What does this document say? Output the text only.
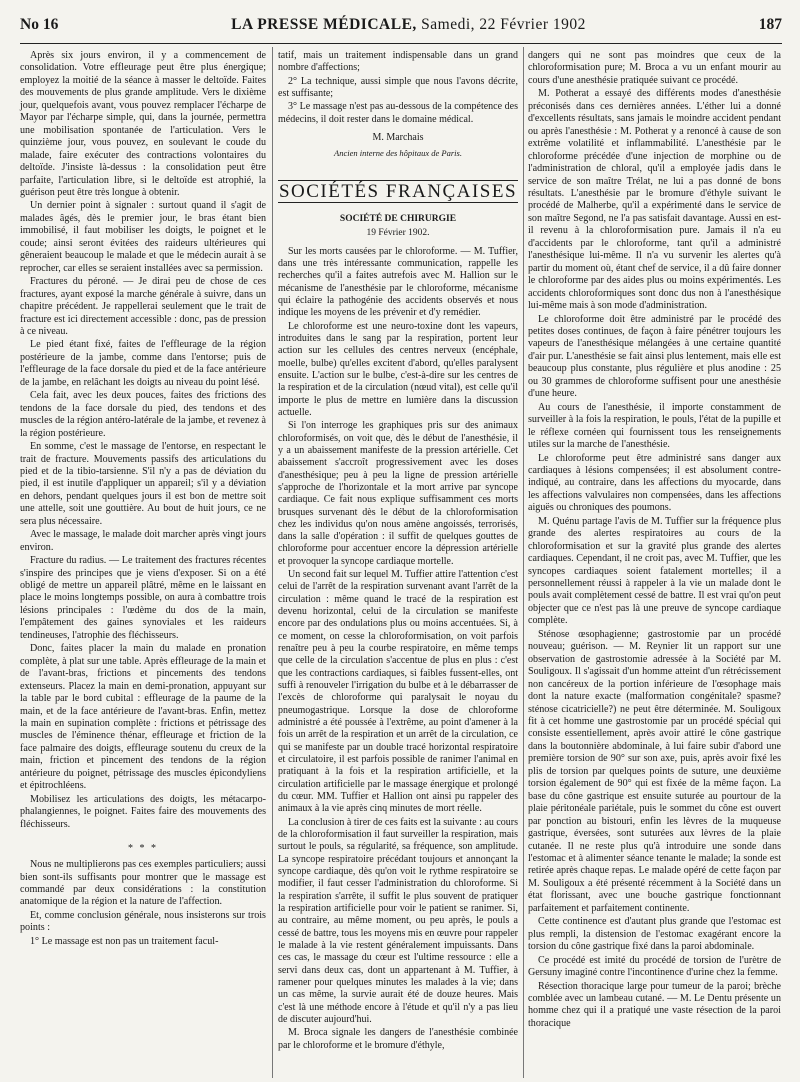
No 16	LA PRESSE MÉDICALE, Samedi, 22 Février 1902	187

Après six jours environ, il y a commencement de consolidation. Votre effleurage peut être plus énergique; employez la moitié de la séance à masser le deltoïde. Faites des mouvements de plus grande amplitude. Vers le dixième jour, quelquefois avant, vous pouvez remplacer l'écharpe de Mayor par l'écharpe simple, qui, dans la journée, permettra une mobilisation spontanée de l'articulation. Vers le quinzième jour, vous pouvez, en soulevant le coude du malade, faire exécuter des contractions volontaires du deltoïde. J'insiste là-dessus : la consolidation peut être parfaite, l'articulation libre, si le deltoïde est atrophié, la guérison peut être très longue à obtenir.

Un dernier point à signaler : surtout quand il s'agit de malades âgés, dès le premier jour, le bras étant bien immobilisé, il faut mobiliser les doigts, le poignet et le coude; ainsi seront évitées des raideurs ultérieures qui gêneraient beaucoup le malade et que le médecin aurait à se reprocher, car elles se seraient installées avec sa permission.

Fractures du péroné. — Je dirai peu de chose de ces fractures, ayant exposé la marche générale à suivre, dans un chapitre précédent. Je rappellerai seulement que le trait de fracture est ici directement accessible : donc, pas de pression à ce niveau.

Le pied étant fixé, faites de l'effleurage de la région postérieure de la jambe, comme dans l'entorse; puis de l'effleurage de la face dorsale du pied et de la face antérieure de la jambe, en relâchant les doigts au niveau du point lésé.

Cela fait, avec les deux pouces, faites des frictions des tendons de la face dorsale du pied, des tendons et des muscles de la région antéro-latérale de la jambe, et revenez à la région postérieure.

En somme, c'est le massage de l'entorse, en respectant le trait de fracture. Mouvements passifs des articulations du pied et de la tibio-tarsienne. S'il n'y a pas de déviation du pied, il est inutile d'appliquer un appareil; s'il y a déviation en dehors, pendant quelques jours il est bon de mettre soit une attelle, soit une gouttière. Au bout de huit jours, ce ne sera plus nécessaire.

Avec le massage, le malade doit marcher après vingt jours environ.

Fracture du radius. — Le traitement des fractures récentes s'inspire des principes que je viens d'exposer. Si on a été obligé de mettre un appareil plâtré, même en le laissant en place le moins longtemps possible, on aura à combattre trois lésions principales : l'œdème du dos de la main, l'empâtement des gaines synoviales et les raideurs tendineuses, l'atrophie des fléchisseurs.

Donc, faites placer la main du malade en pronation complète, à plat sur une table. Après effleurage de la main et de l'avant-bras, frictions et pincements des tendons extenseurs. Placez la main en demi-pronation, appuyant sur la table par le bord cubital : effleurage de la paume de la main, et de la face antérieure de l'avant-bras. Enfin, mettez la main en supination complète : frictions et pétrissage des muscles de l'éminence thénar, effleurage et friction de la face palmaire des doigts, effleurage soutenu du creux de la main, friction et pincement des tendons de la région antérieure du poignet, pétrissage des muscles épicondyliens et épitrochléens.

Mobilisez les articulations des doigts, les métacarpo-phalangiennes, le poignet. Faites faire des mouvements des fléchisseurs.

* * *

Nous ne multiplierons pas ces exemples particuliers; aussi bien sont-ils suffisants pour montrer que le massage est commandé par deux considérations : la constitution anatomique de la région et la nature de l'affection.

Et, comme conclusion générale, nous insisterons sur trois points :

1° Le massage est non pas un traitement facul-

tatif, mais un traitement indispensable dans un grand nombre d'affections;

2° La technique, aussi simple que nous l'avons décrite, est suffisante;

3° Le massage n'est pas au-dessous de la compétence des médecins, il doit rester dans le domaine médical.

M. Marchais
Ancien interne des hôpitaux de Paris.
SOCIÉTÉS FRANÇAISES
SOCIÉTÉ DE CHIRURGIE
19 Février 1902.

Sur les morts causées par le chloroforme. — M. Tuffier, dans une très intéressante communication, rappelle les recherches qu'il a faites autrefois avec M. Hallion sur le mécanisme de l'anesthésie par le chloroforme, mécanisme qui éclaire la pathogénie des accidents observés et nous indique les moyens de les prévenir et d'y remédier.

Le chloroforme est une neuro-toxine dont les vapeurs, introduites dans le sang par la respiration, portent leur action sur les cellules des centres nerveux (encéphale, moelle, bulbe) qu'elles excitent d'abord, qu'elles paralysent ensuite. L'action sur le bulbe, c'est-à-dire sur les centres de la respiration et de la circulation (nœud vital), est celle qu'il importe le plus de mettre en lumière dans la discussion actuelle.

Si l'on interroge les graphiques pris sur des animaux chloroformisés, on voit que, dès le début de l'anesthésie, il y a un abaissement manifeste de la pression artérielle. Cet abaissement s'accroît progressivement avec les doses d'anesthésique; peu à peu la ligne de pression artérielle s'approche de l'horizontale et la mort arrive par syncope cardiaque. Ce fait nous explique suffisamment ces morts brusques survenant dès le début de la chloroformisation chez les individus qu'on nous amène angoissés, terrorisés, dans la salle d'opération : il suffit de quelques gouttes de chloroforme pour accentuer encore la dépression artérielle et provoquer la syncope cardiaque mortelle.

Un second fait sur lequel M. Tuffier attire l'attention c'est celui de l'arrêt de la respiration survenant avant l'arrêt de la circulation : même quand le tracé de la respiration est devenu horizontal, celui de la circulation se manifeste encore par des ondulations plus ou moins accentuées. Si, à ce moment, on cesse la chloroformisation, on voit parfois renaître peu à peu la courbe respiratoire, en même temps que celle de la circulation s'accentue de plus en plus : c'est que les contractions cardiaques, si faibles fussent-elles, ont suffi à renouveler l'irrigation du bulbe et à le débarrasser de l'excès de chloroforme qui paralysait le noyau du pneumogastrique. Lorsque la dose de chloroforme administré a été poussée à l'extrême, au point d'amener à la fois un arrêt de la respiration et un arrêt de la circulation, ce qui se manifeste par un double tracé horizontal respiratoire et circulatoire, il est parfois possible de ranimer l'animal en pratiquant à la fois et la respiration artificielle, et la circulation artificielle par le massage énergique et prolongé du cœur. MM. Tuffier et Hallion ont ainsi pu rappeler des animaux à la vie après cinq minutes de mort réelle.

La conclusion à tirer de ces faits est la suivante : au cours de la chloroformisation il faut surveiller la respiration, mais surtout le pouls, sa régularité, sa fréquence, son amplitude. La syncope respiratoire précédant toujours et annonçant la syncope cardiaque, dès qu'on voit le rythme respiratoire se modifier, il faut cesser l'administration du chloroforme. Si la respiration s'arrête, il suffit le plus souvent de pratiquer la respiration artificielle pour voir le patient se ranimer. Si, au contraire, au même moment, ou peu après, le pouls a cessé de battre, tous les moyens mis en œuvre pour rappeler le malade à la vie restent généralement impuissants. Dans ces cas, le massage du cœur est l'ultime ressource : elle a servi dans deux cas, dont un appartenant à M. Tuffier, à ramener pour quelques minutes les malades à la vie; dans un cas même, la survie aurait été de douze heures. Mais c'est là une méthode encore à l'étude et qu'il n'y a pas lieu de discuter aujourd'hui.

M. Broca signale les dangers de l'anesthésie combinée par le chloroforme et le bromure d'éthyle,

dangers qui ne sont pas moindres que ceux de la chloroformisation pure; M. Broca a vu un enfant mourir au cours d'une anesthésie pratiquée suivant ce procédé.

M. Potherat a essayé des différents modes d'anesthésie préconisés dans ces dernières années. L'éther lui a donné d'excellents résultats, sans jamais le moindre accident pendant ou après l'anesthésie : M. Potherat y a renoncé à cause de son extrême volatilité et inflammabilité. L'anesthésie par le chloroforme précédée d'une injection de morphine ou de l'administration de chloral, qu'il a employée jadis dans le service de son maître Trélat, ne lui a pas donné de bons résultats. L'anesthésie par le bromure d'éthyle suivant le procédé de Malherbe, qu'il a expérimenté dans le service de son maître Segond, ne l'a pas satisfait davantage. Aussi en est-il revenu à la chloroformisation pure. Jamais il n'a eu d'accidents par le chloroforme, tant qu'il a administré l'anesthésique lui-même. Il n'a vu survenir les alertes qu'à partir du moment où, étant chef de service, il a dû faire donner le chloroforme par des aides plus ou moins expérimentés. Les accidents chloroformiques sont donc dus non à l'anesthésique lui-même mais à son mode d'administration.

Le chloroforme doit être administré par le procédé des petites doses continues, de façon à faire pénétrer toujours les vapeurs de l'anesthésique mélangées à une certaine quantité d'air pur. L'anesthésie se fait ainsi plus lentement, mais elle est beaucoup plus constante, plus régulière et plus anodine : 25 ou 30 grammes de chloroforme suffisent pour une anesthésie d'une heure.

Au cours de l'anesthésie, il importe constamment de surveiller à la fois la respiration, le pouls, l'état de la pupille et le réflexe cornéen qui fournissent tous les renseignements utiles sur la marche de l'anesthésie.

Le chloroforme peut être administré sans danger aux cardiaques à lésions compensées; il est absolument contre-indiqué, au contraire, dans les affections du myocarde, dans les affections valvulaires non compensées, dans les affections aiguës ou chroniques des poumons.

M. Quénu partage l'avis de M. Tuffier sur la fréquence plus grande des alertes respiratoires au cours de la chloroformisation et sur la gravité plus grande des alertes cardiaques. Cependant, il ne croit pas, avec M. Tuffier, que les syncopes cardiaques soient fatalement mortelles; il a personnellement réussi à rappeler à la vie un malade dont le pouls avait complètement cessé de battre. Il est vrai qu'on peut objecter que ce n'est pas là une preuve de syncope cardiaque complète.

Sténose œsophagienne; gastrostomie par un procédé nouveau; guérison. — M. Reynier lit un rapport sur une observation de gastrostomie adressée à la Société par M. Souligoux. Il s'agissait d'un homme atteint d'un rétrécissement non cancéreux de la portion inférieure de l'œsophage mais dont la nature exacte (malformation congénitale? spasme? sténose cicatricielle?) ne peut être déterminée. M. Souligoux fit à cet homme une gastrostomie par un procédé spécial qui consiste essentiellement, après avoir attiré le cône gastrique dans la boutonnière abdominale, à lui faire subir d'abord une première torsion de 90° sur son axe, puis, après avoir fixé les plis de torsion par quelques points de suture, une deuxième torsion également de 90° qui est fixée de la même façon. La base du cône gastrique est ensuite suturée au pourtour de la plaie péritonéale pariétale, puis le sommet du cône est ouvert par ponction au bistouri, enfin les lèvres de la muqueuse gastrique, éversées, sont suturées aux lèvres de la plaie cutanée. Il ne reste plus qu'à introduire une sonde dans l'estomac et à alimenter séance tenante le malade; la sonde est retirée après chaque repas. Le malade opéré de cette façon par M. Souligoux a été présenté récemment à la Société dans un état florissant, avec une bouche gastrique fonctionnant parfaitement et parfaitement continente.

Cette continence est d'autant plus grande que l'estomac est plus rempli, la distension de l'estomac exagérant encore la torsion du cône gastrique fixé dans la paroi abdominale.

Ce procédé est imité du procédé de torsion de l'urètre de Gersuny imaginé contre l'incontinence d'urine chez la femme.

Résection thoracique large pour tumeur de la paroi; brèche comblée avec un lambeau cutané. — M. Le Dentu présente un homme chez qui il a pratiqué une vaste résection de la paroi thoracique
